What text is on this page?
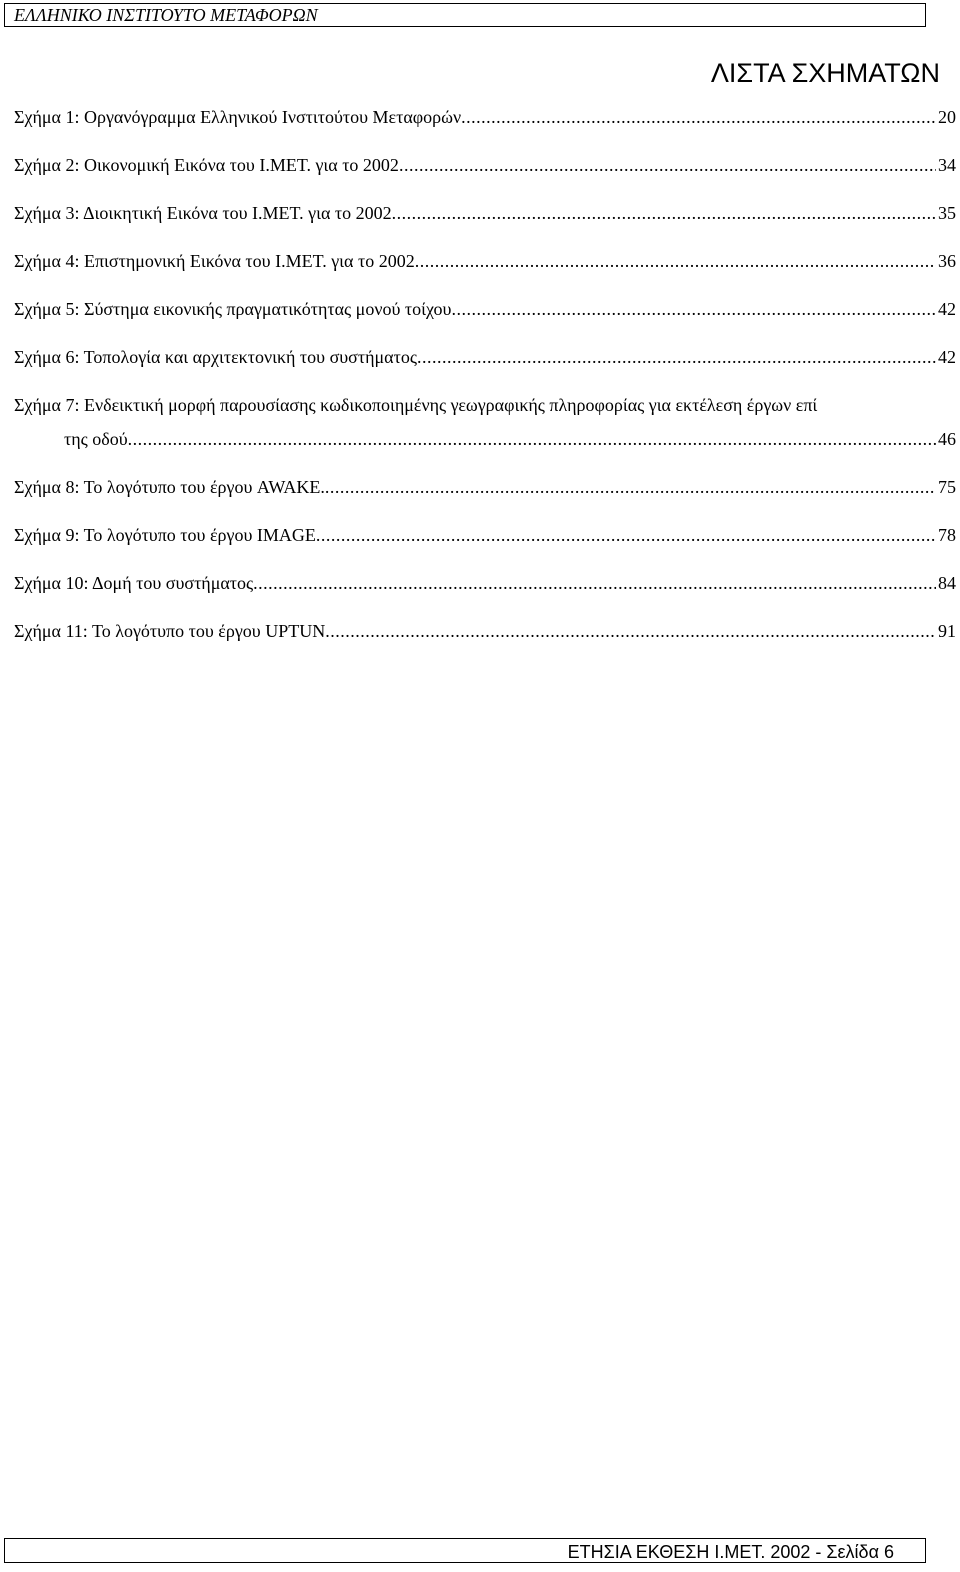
ΕΛΛΗΝΙΚΟ ΙΝΣΤΙΤΟΥΤΟ ΜΕΤΑΦΟΡΩΝ
ΛΙΣΤΑ ΣΧΗΜΑΤΩΝ
Σχήμα 1: Οργανόγραμμα Ελληνικού Ινστιτούτου Μεταφορών .....	20
Σχήμα 2: Οικονομική Εικόνα του Ι.ΜΕΤ. για το 2002 .....	34
Σχήμα 3: Διοικητική Εικόνα του Ι.ΜΕΤ. για το 2002 .....	35
Σχήμα 4: Επιστημονική Εικόνα του Ι.ΜΕΤ. για το 2002 .....	36
Σχήμα 5: Σύστημα εικονικής πραγματικότητας μονού τοίχου .....	42
Σχήμα 6: Τοπολογία και αρχιτεκτονική του συστήματος .....	42
Σχήμα 7: Ενδεικτική μορφή παρουσίασης κωδικοποιημένης γεωγραφικής πληροφορίας για εκτέλεση έργων επί
της οδού .....	46
Σχήμα 8: Το λογότυπο του έργου AWAKE. .....	75
Σχήμα 9: Το λογότυπο του έργου IMAGE .....	78
Σχήμα 10: Δομή του συστήματος .....	84
Σχήμα 11: Το λογότυπο του έργου UPTUN .....	91
ΕΤΗΣΙΑ ΕΚΘΕΣΗ Ι.ΜΕΤ. 2002 - Σελίδα 6
